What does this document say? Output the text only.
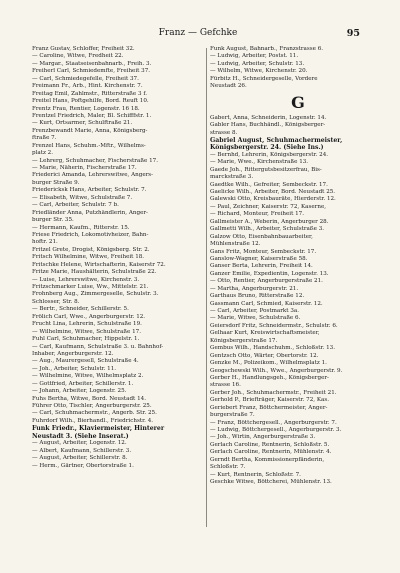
Franz — Gefchke	95
Franz Gustav, Schloffer, Freiheit 32.
— Caroline, Witwe, Fredheit 22.
— Margar., Staatseisenbahnarb., Freih. 3.
Freiherl Carl, Schmiedemfte, Freiheit 37.
— Carl, Schmiedegefelle, Freiheit 37.
Freimann Fr., Arb., Hint. Kirchenstr. 7.
Freitag Emil, Zahlmstr., Ritterstraße 3 f.
Freitel Hans, Poftgehilfe, Bord. Reuft 10.
Frentz Frau, Rentier, Logenstr. 16 18.
Frentzel Friedrich, Maler, Bl. Schifffstr. 1.
— Kurt, Ortsarmer, Schulftraße 21.
Frenzbewandt Marie, Anna, Königsberg-
ftraße 7.
Frenzel Hans, Schuhm.-Mftr., Wilhelms-
platz 2.
— Lehrerg, Schuhmacher, Fischerstraße 17.
— Marie, Näherin, Fischerstraße 17.
Friederici Amanda, Lehrerswitwe, Angers-
burger Straße 9.
Friedericksk Hans, Arbeiter, Schulstr. 7.
— Elisabeth, Witwe, Schulstraße 7.
— Carl, Arbeiter, Schulstr. 7 b.
Friedländer Anna, Putzhändlerin, Anger-
burger Str. 35.
— Hermann, Kaufm., Ritterstr. 15.
Friese Friedrich, Lokomotivheizer, Bahn-
hoftr. 21.
Fritzel Grete, Drogist, Königsberg. Str. 2.
Fritsch Wilhelmine, Witwe, Freiheit 18.
Fritschke Helene, Wirtschafterin, Kaiserstr 72.
Fritze Marie, Haushälterin, Schulstraße 22.
— Luise, Lehrerswitwe, Kirchenstr. 3.
Fritzschmarker Luise, Ww., Mittelstr. 21.
Frohnberg Aug., Zimmergeselle, Schulstr. 3.
Schlosser, Str. 8.
— Bertr., Schneider, Schillerstr. 5.
Frölich Carl, Wwe., Angerburgerstr. 12.
Frucht Lina, Lehrerin, Schulstraße 19.
— Wilhelmine, Witwe, Schulstraße 17.
Fuhl Carl, Schuhmacher, Hippelstr. 1.
— Carl, Kaufmann, Schulstraße 3. u. Bahnhof-
Inhaber, Angerburgerstr. 12.
— Aug., Maurergesell, Schulstraße 4.
— Joh., Arbeiter, Schulstr. 11.
— Wilhelmine, Witwe, Wilhelmsplatz 2.
— Gottfried, Arbeiter, Schillerstr. 1.
— Johann, Arbeiter, Logenstr. 25.
Fuhs Bertha, Witwe, Bord. Neustadt 14.
Führer Otto, Tischler, Angerburgerstr. 25.
— Carl, Schuhmachermstr., Angerb. Str. 25.
Fuhrdorf Wilh., Bierhandl., Friedrichstr. 4.
Funk Friedr., Klaviermeister, Hinterer
Neustadt 3. (Siehe Inserat.)
— August, Arbeiter, Logenstr. 12.
— Albert, Kaufmann, Schillerstr. 3.
— August, Arbeiter, Schillerstr. 8.
— Herm., Gärtner, Obertorstraße 1.
Funk August, Bahnarb., Franzstrasse 6.
— Ludwig, Arbeiter, Postst. 11.
— Ludwig, Arbeiter, Schulstr. 13.
— Wilhelm, Witwe, Kirchenstr. 20.
Fürbitz H., Schneidergeselle, Vordere
Neustadt 26.
G
Gabert, Anna, Schneiderin, Logenstr. 14.
Gabler Hans, Buchhändl., Königsberger-
strasse 8.
Gabriel August, Schuhmachermeister,
Königsbergerstr. 24. (Siehe Ins.)
— Bernhd, Lehrerin, Königsbergerstr. 24.
— Marie, Wwe., Kirchenstraße 13.
Gaede Joh., Rittergutsbesitzerfrau, Bis-
marckstraße 3.
Gaedtke Wilh., Gefreiter, Sembeckstr. 17.
Gaelicke Wilh., Arbeiter, Bord. Neustadt 25.
Galewski Otto, Kreisbauräte, Hierderstr. 12.
— Paul, Zeichner, Kaiserstr. 72, Kaserne,
— Richard, Monteur, Freiheit 17.
Gallmeister A., Weberin, Angerburger 28.
Gallmetti Wilh., Arbeiter, Schulstraße 3.
Galzow Otto, Eisenbahnbauarbeiter,
Mühlenstraße 12.
Gans Fritz, Monteur, Sembeckstr. 17.
Ganslow-Wagner, Kaiserstraße 58.
Ganser Berta, Lehrerin, Freiheit 14.
Ganzer Emilie, Expedientin, Logenstr. 13.
— Otto, Rentier, Angerburgerstraße 21.
— Martha, Angerburgerstr. 21.
Garthaus Bruno, Ritterstraße 12.
Gassmann Carl, Schmied, Kaiserstr. 12.
— Carl, Arbeiter, Postmarkt 3a.
— Marie, Witwe, Schulstraße 6.
Geiersdorf Fritz, Schneidermstr., Schulstr. 6.
Gelhaar Kurt, Kreiswirtschaftsmeister,
Königsbergerstraße 17.
Gembus Wilh., Handschuhm., Schloßstr. 13.
Gentzsch Otto, Wärter, Obertorstr. 12.
Genzke M., Polizeikom., Wilhelmsplatz 1.
Geogschewski Wilh., Wwe., Angerburgerstr. 9.
Gerber H., Handlungsgeh., Königsberger-
strasse 16.
Gerber Joh., Schuhmachermstr., Freiheit 21.
Gerhold P., Briefträger, Kaiserstr. 72, Kas.
Geriebert Franz, Böttchermeister, Anger-
burgerstraße 7.
— Franz, Böttchergesell., Angerburgerstr. 7.
— Ludwig, Böttchergesell., Angerburgerstr. 3.
— Joh., Wirtin, Angerburgerstraße 3.
Gerlach Caroline, Rentnerin, Schloßstr. 5.
Gerlach Caroline, Rentnerin, Mühlenstr. 4.
Gerndt Bertha, Kommissionerpfänderin,
Schloßstr. 7.
— Kurt, Rentnerin, Schloßstr. 7.
Geschke Witwe, Böttcherei, Mühlenstr. 13.
